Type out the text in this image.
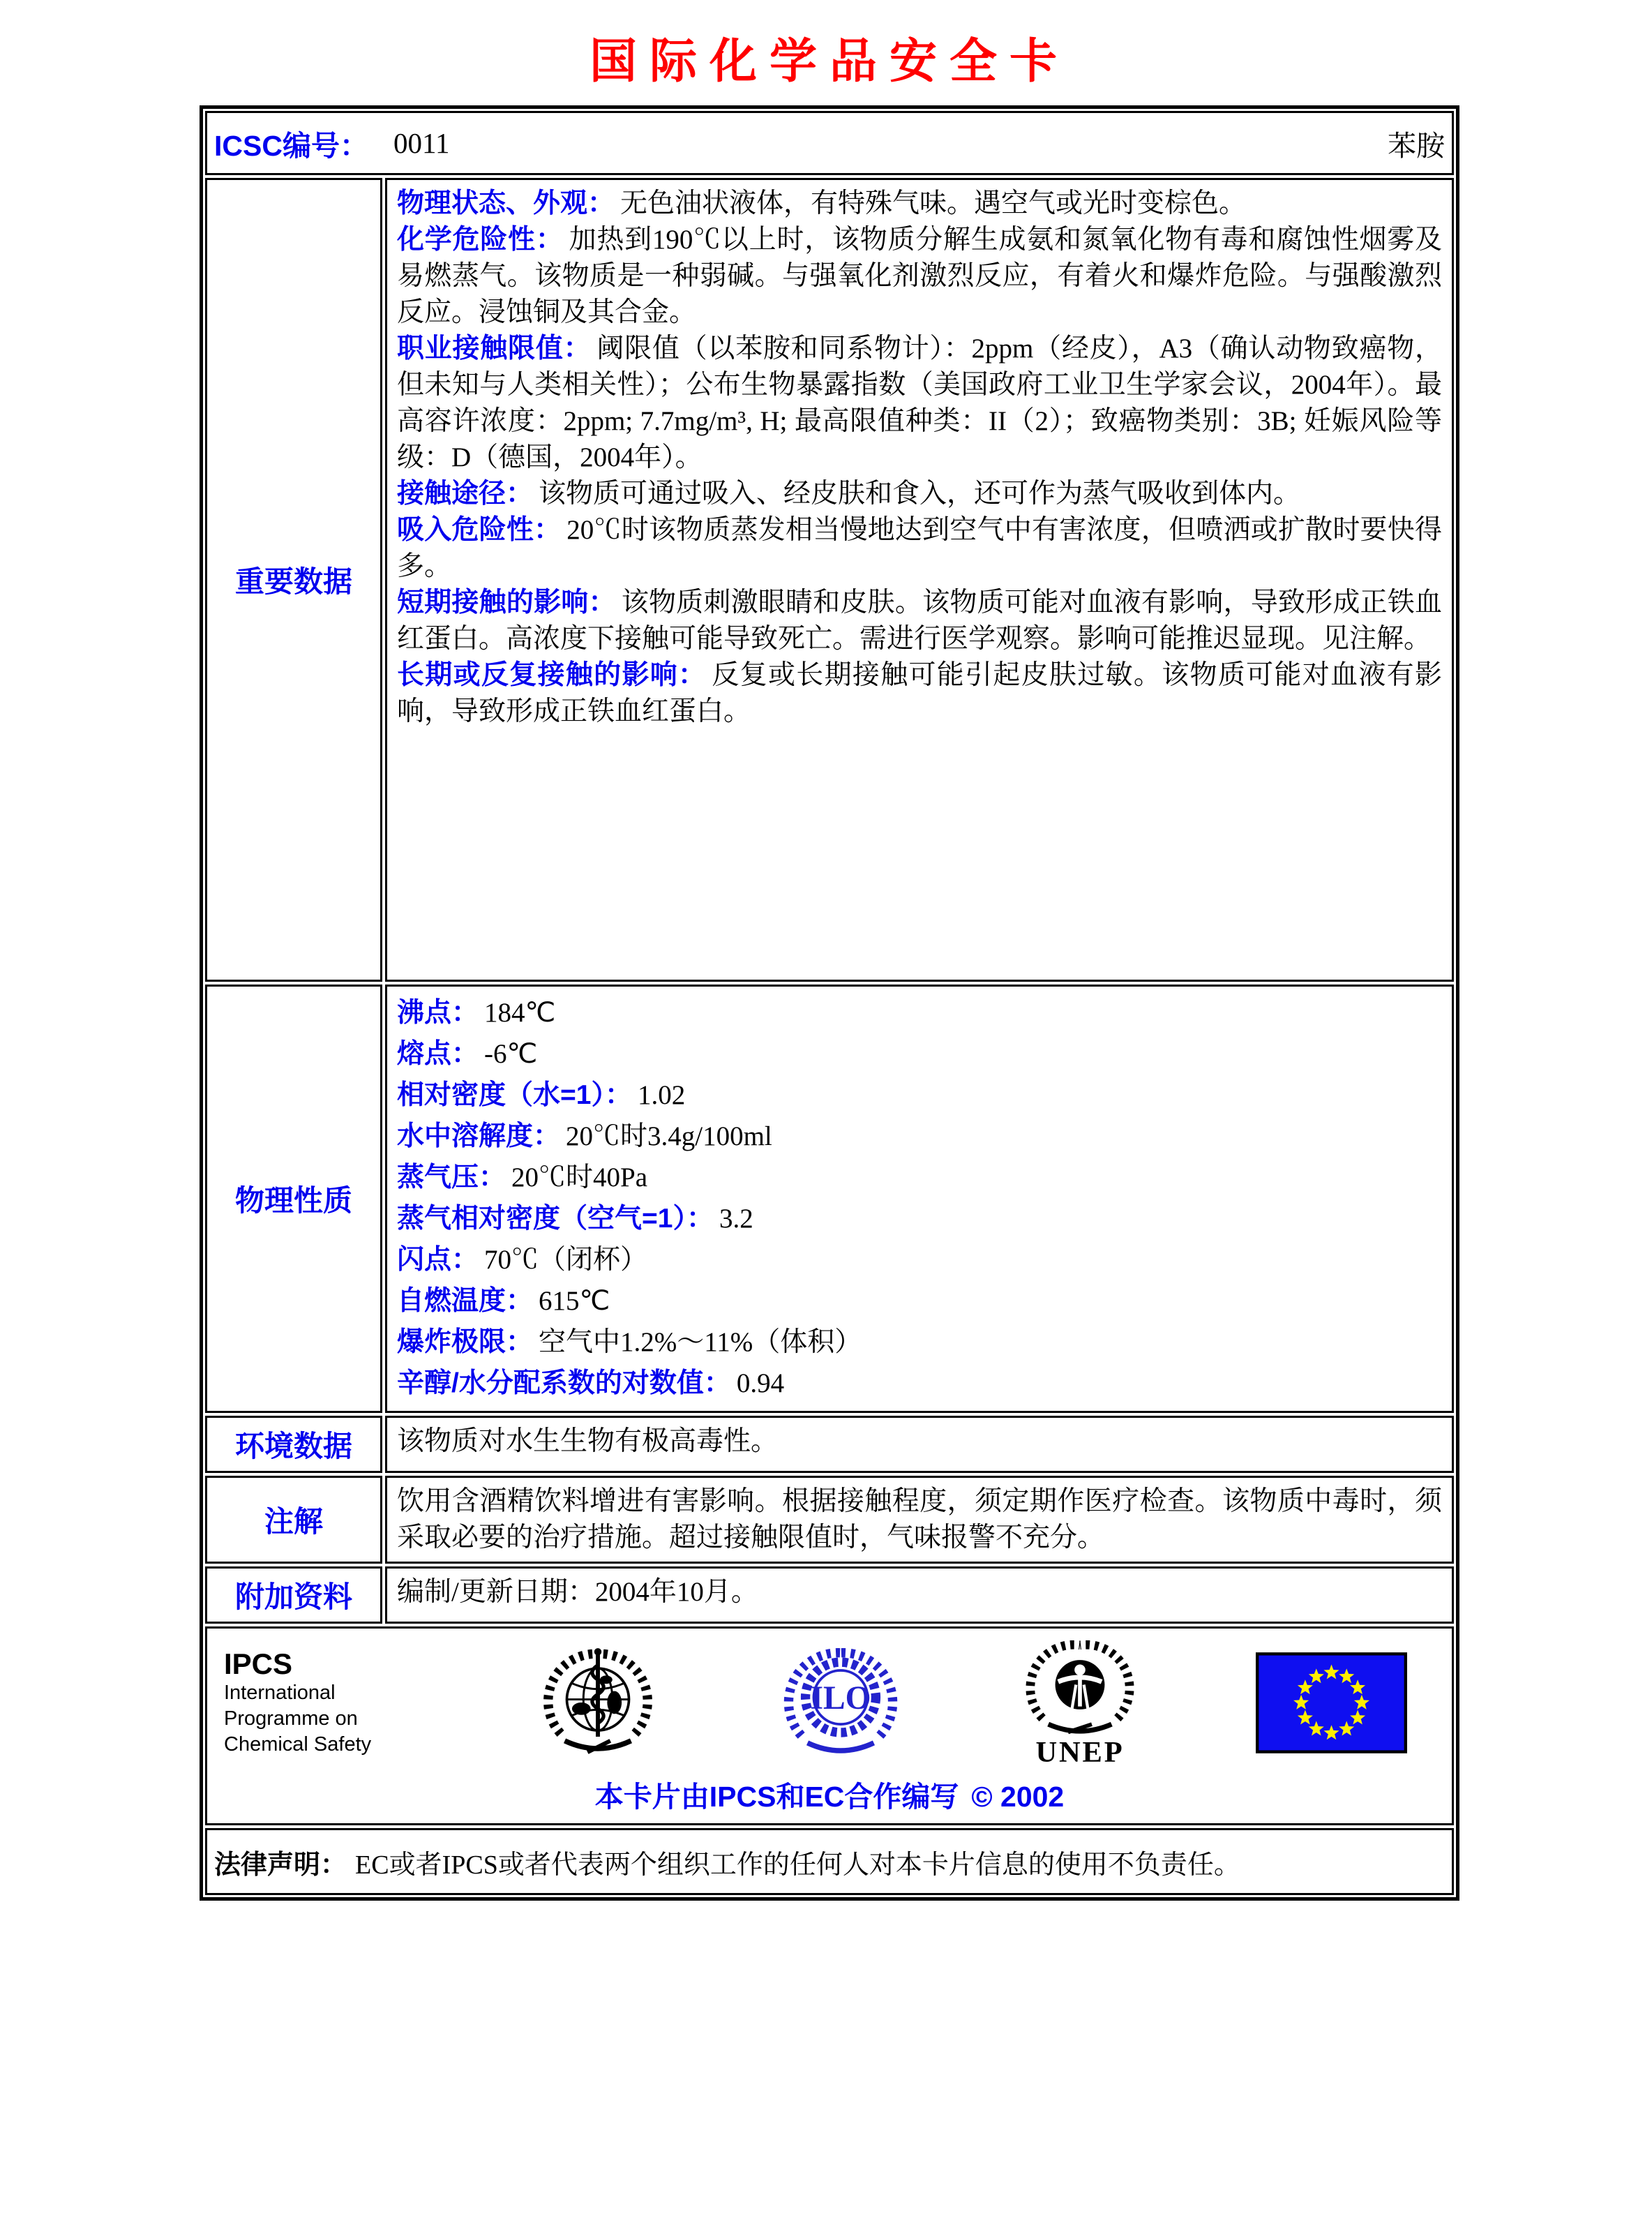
国际化学品安全卡
ICSC编号： 0011	苯胺
重要数据

物理状态、外观： 无色油状液体，有特殊气味。遇空气或光时变棕色。

化学危险性： 加热到190℃以上时，该物质分解生成氨和氮氧化物有毒和腐蚀性烟雾及易燃蒸气。该物质是一种弱碱。与强氧化剂激烈反应，有着火和爆炸危险。与强酸激烈反应。浸蚀铜及其合金。

职业接触限值： 阈限值（以苯胺和同系物计）：2ppm（经皮），A3（确认动物致癌物，但未知与人类相关性）；公布生物暴露指数（美国政府工业卫生学家会议，2004年）。最高容许浓度：2ppm; 7.7mg/m³, H; 最高限值种类：II（2）；致癌物类别：3B; 妊娠风险等级：D（德国，2004年）。

接触途径： 该物质可通过吸入、经皮肤和食入，还可作为蒸气吸收到体内。

吸入危险性： 20℃时该物质蒸发相当慢地达到空气中有害浓度，但喷洒或扩散时要快得多。

短期接触的影响： 该物质刺激眼睛和皮肤。该物质可能对血液有影响，导致形成正铁血红蛋白。高浓度下接触可能导致死亡。需进行医学观察。影响可能推迟显现。见注解。

长期或反复接触的影响： 反复或长期接触可能引起皮肤过敏。该物质可能对血液有影响，导致形成正铁血红蛋白。

物理性质
沸点： 184℃
熔点： -6℃
相对密度（水=1）： 1.02
水中溶解度： 20℃时3.4g/100ml
蒸气压： 20℃时40Pa
蒸气相对密度（空气=1）： 3.2
闪点： 70℃（闭杯）
自燃温度： 615℃
爆炸极限： 空气中1.2%～11%（体积）
辛醇/水分配系数的对数值： 0.94
环境数据 该物质对水生生物有极高毒性。

注解

饮用含酒精饮料增进有害影响。根据接触程度，须定期作医疗检查。该物质中毒时，须采取必要的治疗措施。超过接触限值时，气味报警不充分。

附加资料 编制/更新日期：2004年10月。

IPCS
International
Programme on
Chemical Safety
ILO
UNEP
本卡片由IPCS和EC合作编写 © 2002
法律声明： EC或者IPCS或者代表两个组织工作的任何人对本卡片信息的使用不负责任。
